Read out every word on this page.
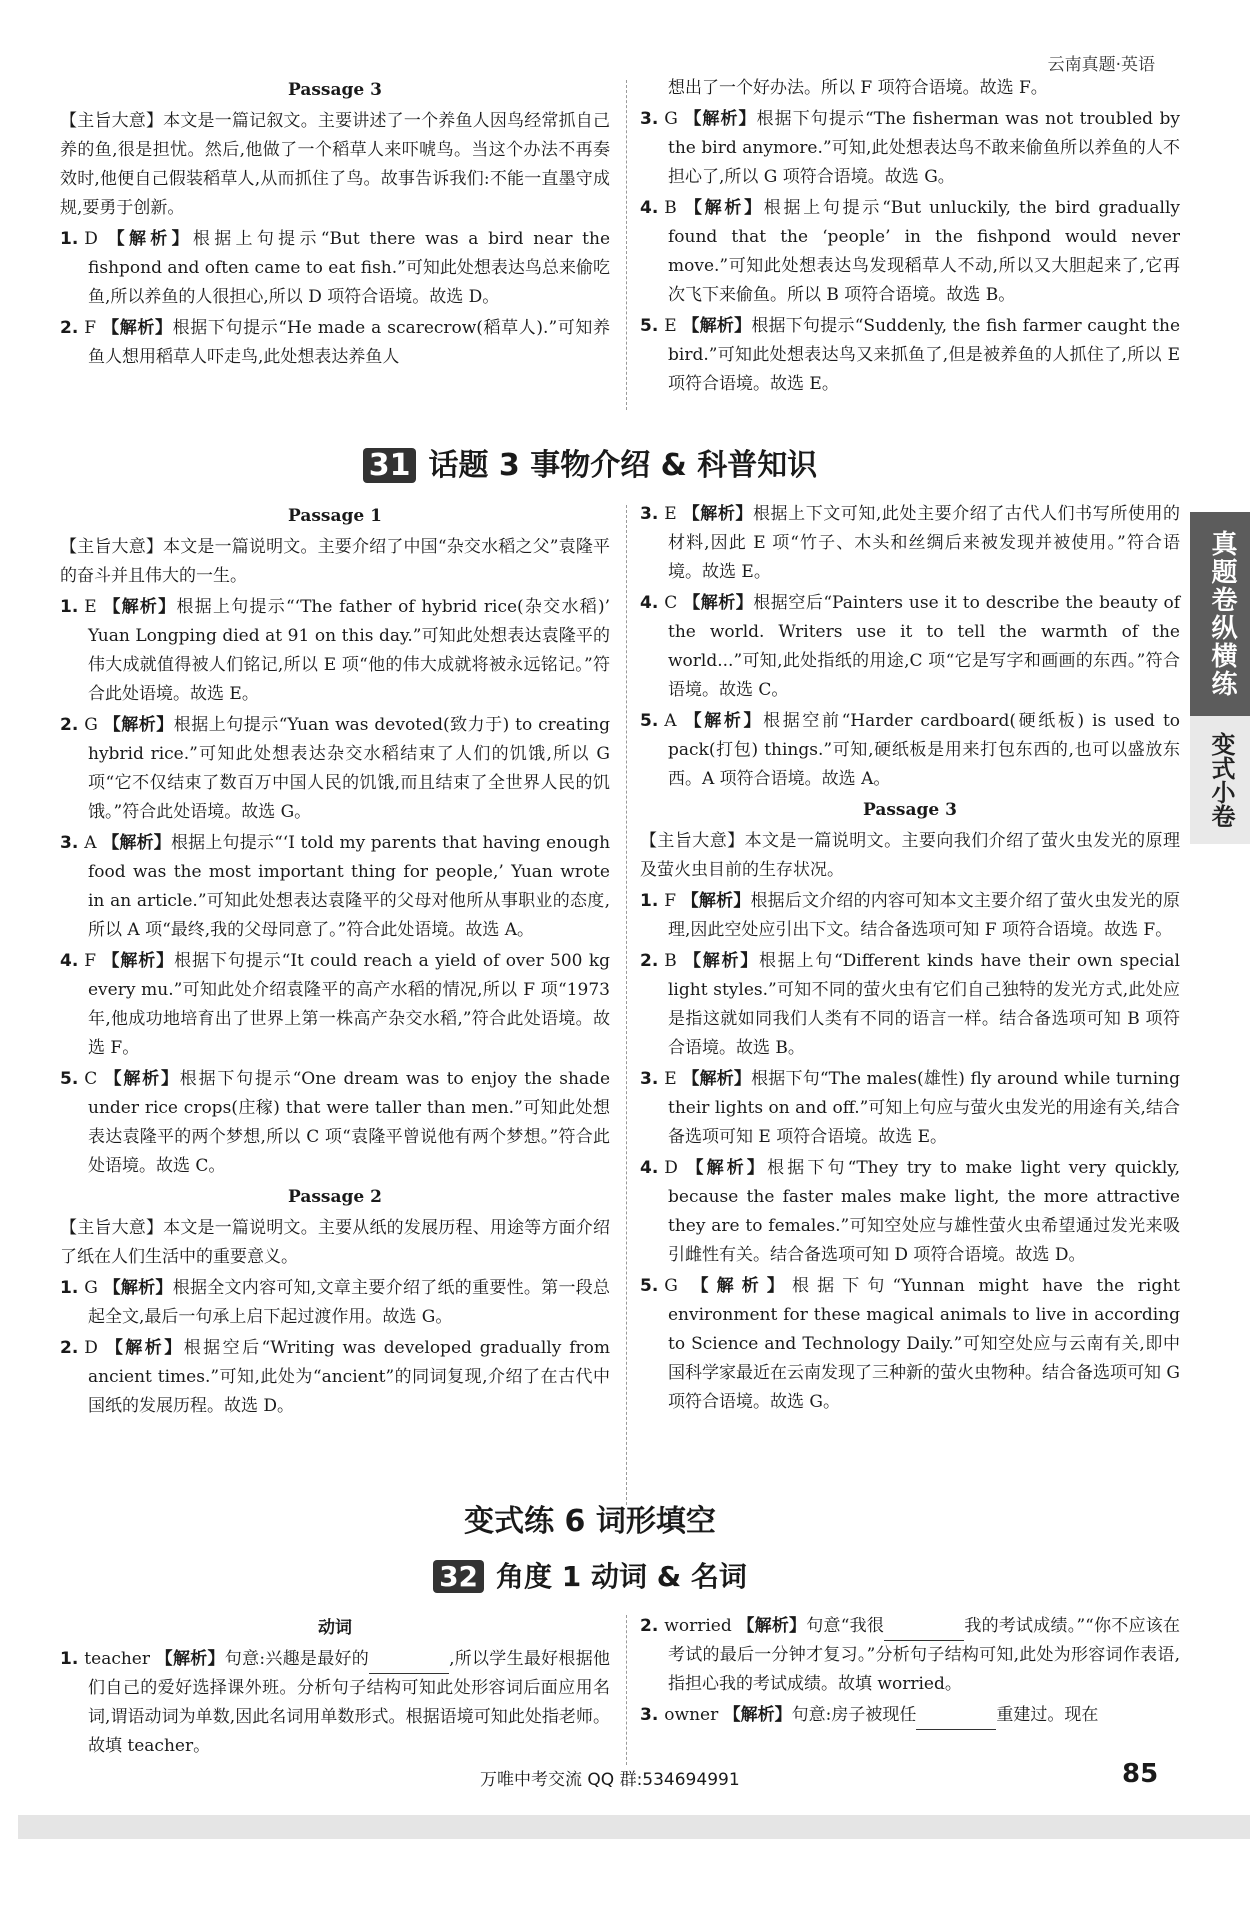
云南真题·英语

Passage 3

【主旨大意】本文是一篇记叙文。主要讲述了一个养鱼人因鸟经常抓自己养的鱼,很是担忧。然后,他做了一个稻草人来吓唬鸟。当这个办法不再奏效时,他便自己假装稻草人,从而抓住了鸟。故事告诉我们:不能一直墨守成规,要勇于创新。

1. D 【解析】根据上句提示“But there was a bird near the fishpond and often came to eat fish.”可知此处想表达鸟总来偷吃鱼,所以养鱼的人很担心,所以 D 项符合语境。故选 D。

2. F 【解析】根据下句提示“He made a scarecrow(稻草人).”可知养鱼人想用稻草人吓走鸟,此处想表达养鱼人

想出了一个好办法。所以 F 项符合语境。故选 F。

3. G 【解析】根据下句提示“The fisherman was not troubled by the bird anymore.”可知,此处想表达鸟不敢来偷鱼所以养鱼的人不担心了,所以 G 项符合语境。故选 G。

4. B 【解析】根据上句提示“But unluckily, the bird gradually found that the ‘people’ in the fishpond would never move.”可知此处想表达鸟发现稻草人不动,所以又大胆起来了,它再次飞下来偷鱼。所以 B 项符合语境。故选 B。

5. E 【解析】根据下句提示“Suddenly, the fish farmer caught the bird.”可知此处想表达鸟又来抓鱼了,但是被养鱼的人抓住了,所以 E 项符合语境。故选 E。

31 话题 3 事物介绍 & 科普知识

Passage 1

【主旨大意】本文是一篇说明文。主要介绍了中国“杂交水稻之父”袁隆平的奋斗并且伟大的一生。

1. E 【解析】根据上句提示“‘The father of hybrid rice(杂交水稻)’ Yuan Longping died at 91 on this day.”可知此处想表达袁隆平的伟大成就值得被人们铭记,所以 E 项“他的伟大成就将被永远铭记。”符合此处语境。故选 E。

2. G 【解析】根据上句提示“Yuan was devoted(致力于) to creating hybrid rice.”可知此处想表达杂交水稻结束了人们的饥饿,所以 G 项“它不仅结束了数百万中国人民的饥饿,而且结束了全世界人民的饥饿。”符合此处语境。故选 G。

3. A 【解析】根据上句提示“‘I told my parents that having enough food was the most important thing for people,’ Yuan wrote in an article.”可知此处想表达袁隆平的父母对他所从事职业的态度,所以 A 项“最终,我的父母同意了。”符合此处语境。故选 A。

4. F 【解析】根据下句提示“It could reach a yield of over 500 kg every mu.”可知此处介绍袁隆平的高产水稻的情况,所以 F 项“1973 年,他成功地培育出了世界上第一株高产杂交水稻,”符合此处语境。故选 F。

5. C 【解析】根据下句提示“One dream was to enjoy the shade under rice crops(庄稼) that were taller than men.”可知此处想表达袁隆平的两个梦想,所以 C 项“袁隆平曾说他有两个梦想。”符合此处语境。故选 C。

Passage 2

【主旨大意】本文是一篇说明文。主要从纸的发展历程、用途等方面介绍了纸在人们生活中的重要意义。

1. G 【解析】根据全文内容可知,文章主要介绍了纸的重要性。第一段总起全文,最后一句承上启下起过渡作用。故选 G。

2. D 【解析】根据空后“Writing was developed gradually from ancient times.”可知,此处为“ancient”的同词复现,介绍了在古代中国纸的发展历程。故选 D。

3. E 【解析】根据上下文可知,此处主要介绍了古代人们书写所使用的材料,因此 E 项“竹子、木头和丝绸后来被发现并被使用。”符合语境。故选 E。

4. C 【解析】根据空后“Painters use it to describe the beauty of the world. Writers use it to tell the warmth of the world...”可知,此处指纸的用途,C 项“它是写字和画画的东西。”符合语境。故选 C。

5. A 【解析】根据空前“Harder cardboard(硬纸板) is used to pack(打包) things.”可知,硬纸板是用来打包东西的,也可以盛放东西。A 项符合语境。故选 A。

Passage 3

【主旨大意】本文是一篇说明文。主要向我们介绍了萤火虫发光的原理及萤火虫目前的生存状况。

1. F 【解析】根据后文介绍的内容可知本文主要介绍了萤火虫发光的原理,因此空处应引出下文。结合备选项可知 F 项符合语境。故选 F。

2. B 【解析】根据上句“Different kinds have their own special light styles.”可知不同的萤火虫有它们自己独特的发光方式,此处应是指这就如同我们人类有不同的语言一样。结合备选项可知 B 项符合语境。故选 B。

3. E 【解析】根据下句“The males(雄性) fly around while turning their lights on and off.”可知上句应与萤火虫发光的用途有关,结合备选项可知 E 项符合语境。故选 E。

4. D 【解析】根据下句“They try to make light very quickly, because the faster males make light, the more attractive they are to females.”可知空处应与雄性萤火虫希望通过发光来吸引雌性有关。结合备选项可知 D 项符合语境。故选 D。

5. G 【解析】根据下句“Yunnan might have the right environment for these magical animals to live in according to Science and Technology Daily.”可知空处应与云南有关,即中国科学家最近在云南发现了三种新的萤火虫物种。结合备选项可知 G 项符合语境。故选 G。

真题卷纵横练
变式小卷
变式练 6 词形填空
32 角度 1 动词 & 名词

动词

1. teacher 【解析】句意:兴趣是最好的	,所以学生最好根据他们自己的爱好选择课外班。分析句子结构可知此处形容词后面应用名词,谓语动词为单数,因此名词用单数形式。根据语境可知此处指老师。故填 teacher。

2. worried 【解析】句意“我很	我的考试成绩。”“你不应该在考试的最后一分钟才复习。”分析句子结构可知,此处为形容词作表语,指担心我的考试成绩。故填 worried。

3. owner 【解析】句意:房子被现任	重建过。现在

万唯中考交流 QQ 群:534694991	85
